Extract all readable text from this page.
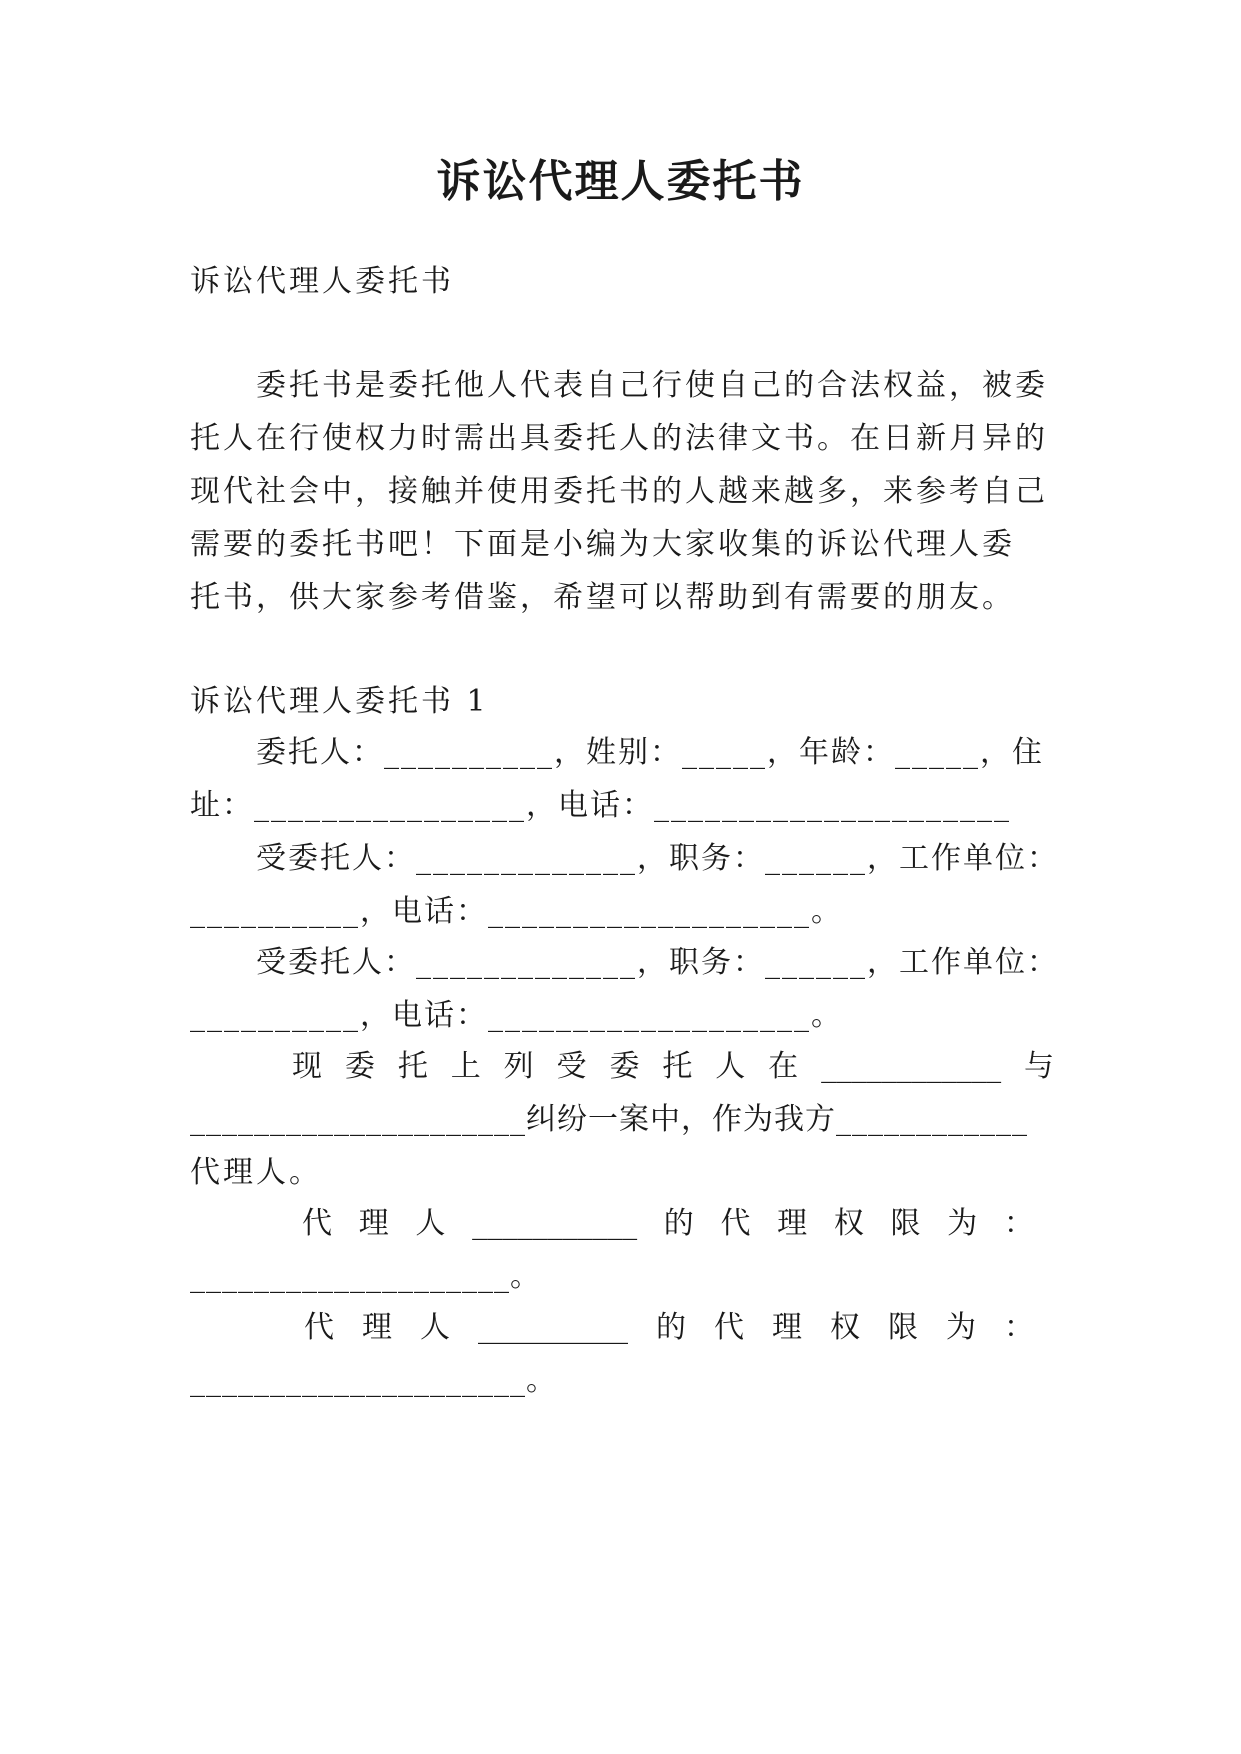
诉讼代理人委托书
诉讼代理人委托书
委托书是委托他人代表自己行使自己的合法权益，被委
托人在行使权力时需出具委托人的法律文书。在日新月异的
现代社会中，接触并使用委托书的人越来越多，来参考自己
需要的委托书吧！下面是小编为大家收集的诉讼代理人委
托书，供大家参考借鉴，希望可以帮助到有需要的朋友。
诉讼代理人委托书 1
委托人：__________，姓别：_____，年龄：_____，住
址：________________，电话：_____________________
受委托人：_____________，职务：______，工作单位：
__________，电话：___________________。
受委托人：_____________，职务：______，工作单位：
__________，电话：___________________。
现 委 托 上 列 受 委 托 人 在 ____________ 与
_____________________纠纷一案中，作为我方____________
代理人。
代 理 人 ___________ 的 代 理 权 限 为 ：
____________________。
代 理 人 __________ 的 代 理 权 限 为 ：
_____________________。
